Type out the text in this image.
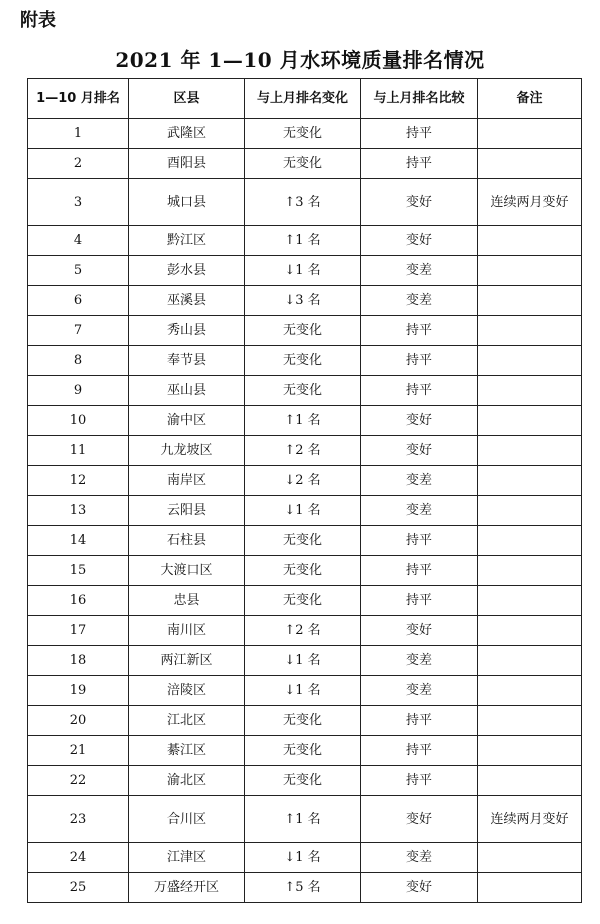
附表
2021 年 1—10 月水环境质量排名情况
1—10 月排名	区县	与上月排名变化	与上月排名比较	备注
1	武隆区	无变化	持平	
2	酉阳县	无变化	持平	
3	城口县	↑3 名	变好	连续两月变好
4	黔江区	↑1 名	变好	
5	彭水县	↓1 名	变差	
6	巫溪县	↓3 名	变差	
7	秀山县	无变化	持平	
8	奉节县	无变化	持平	
9	巫山县	无变化	持平	
10	渝中区	↑1 名	变好	
11	九龙坡区	↑2 名	变好	
12	南岸区	↓2 名	变差	
13	云阳县	↓1 名	变差	
14	石柱县	无变化	持平	
15	大渡口区	无变化	持平	
16	忠县	无变化	持平	
17	南川区	↑2 名	变好	
18	两江新区	↓1 名	变差	
19	涪陵区	↓1 名	变差	
20	江北区	无变化	持平	
21	綦江区	无变化	持平	
22	渝北区	无变化	持平	
23	合川区	↑1 名	变好	连续两月变好
24	江津区	↓1 名	变差	
25	万盛经开区	↑5 名	变好	
